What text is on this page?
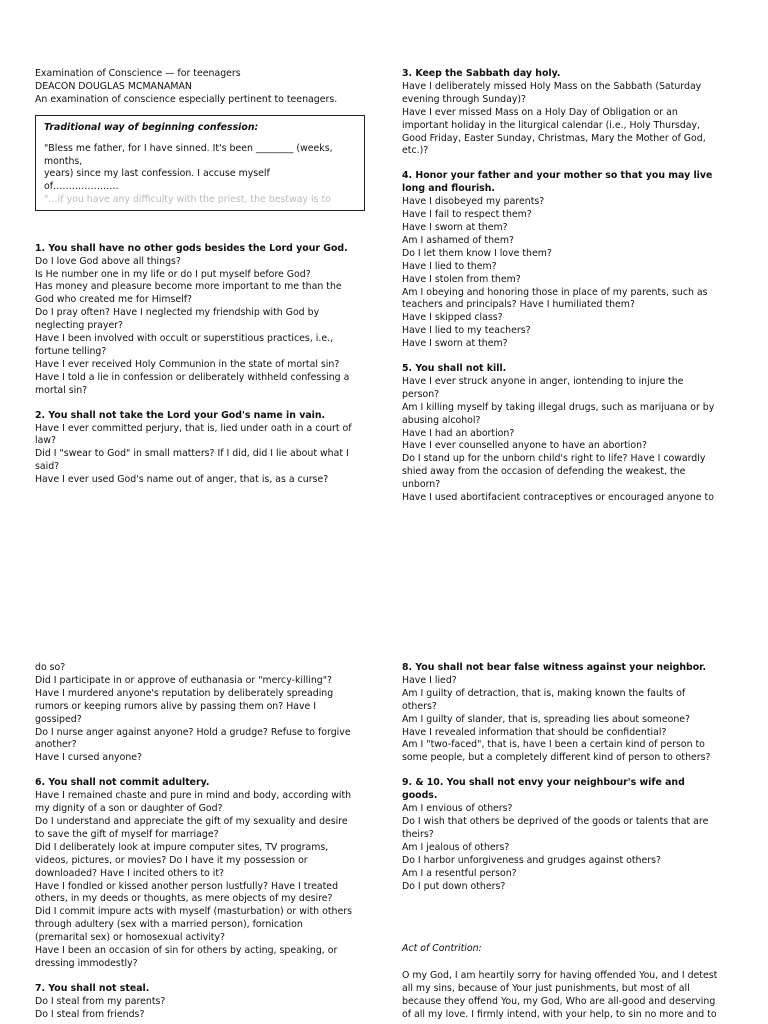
Examination of Conscience — for teenagers

DEACON DOUGLAS MCMANAMAN

An examination of conscience especially pertinent to teenagers.

Traditional way of beginning confession:

"Bless me father, for I have sinned. It's been ________ (weeks,

months,

years) since my last confession. I accuse myself

of…………………

"…if you have any difficulty with the priest, the bestway is to

1. You shall have no other gods besides the Lord your God.

Do I love God above all things?

Is He number one in my life or do I put myself before God?

Has money and pleasure become more important to me than the

God who created me for Himself?

Do I pray often? Have I neglected my friendship with God by

neglecting prayer?

Have I been involved with occult or superstitious practices, i.e.,

fortune telling?

Have I ever received Holy Communion in the state of mortal sin?

Have I told a lie in confession or deliberately withheld confessing a

mortal sin?

2. You shall not take the Lord your God's name in vain.

Have I ever committed perjury, that is, lied under oath in a court of

law?

Did I "swear to God" in small matters? If I did, did I lie about what I

said?

Have I ever used God's name out of anger, that is, as a curse?

3. Keep the Sabbath day holy.

Have I deliberately missed Holy Mass on the Sabbath (Saturday

evening through Sunday)?

Have I ever missed Mass on a Holy Day of Obligation or an

important holiday in the liturgical calendar (i.e., Holy Thursday,

Good Friday, Easter Sunday, Christmas, Mary the Mother of God,

etc.)?

4. Honor your father and your mother so that you may live

long and flourish.

Have I disobeyed my parents?

Have I fail to respect them?

Have I sworn at them?

Am I ashamed of them?

Do I let them know I love them?

Have I lied to them?

Have I stolen from them?

Am I obeying and honoring those in place of my parents, such as

teachers and principals? Have I humiliated them?

Have I skipped class?

Have I lied to my teachers?

Have I sworn at them?

5. You shall not kill.

Have I ever struck anyone in anger, iontending to injure the

person?

Am I killing myself by taking illegal drugs, such as marijuana or by

abusing alcohol?

Have I had an abortion?

Have I ever counselled anyone to have an abortion?

Do I stand up for the unborn child's right to life? Have I cowardly

shied away from the occasion of defending the weakest, the

unborn?

Have I used abortifacient contraceptives or encouraged anyone to

do so?

Did I participate in or approve of euthanasia or "mercy-killing"?

Have I murdered anyone's reputation by deliberately spreading

rumors or keeping rumors alive by passing them on? Have I

gossiped?

Do I nurse anger against anyone? Hold a grudge? Refuse to forgive

another?

Have I cursed anyone?

6. You shall not commit adultery.

Have I remained chaste and pure in mind and body, according with

my dignity of a son or daughter of God?

Do I understand and appreciate the gift of my sexuality and desire

to save the gift of myself for marriage?

Did I deliberately look at impure computer sites, TV programs,

videos, pictures, or movies? Do I have it my possession or

downloaded? Have I incited others to it?

Have I fondled or kissed another person lustfully? Have I treated

others, in my deeds or thoughts, as mere objects of my desire?

Did I commit impure acts with myself (masturbation) or with others

through adultery (sex with a married person), fornication

(premarital sex) or homosexual activity?

Have I been an occasion of sin for others by acting, speaking, or

dressing immodestly?

7. You shall not steal.

Do I steal from my parents?

Do I steal from friends?

8. You shall not bear false witness against your neighbor.

Have I lied?

Am I guilty of detraction, that is, making known the faults of

others?

Am I guilty of slander, that is, spreading lies about someone?

Have I revealed information that should be confidential?

Am I "two-faced", that is, have I been a certain kind of person to

some people, but a completely different kind of person to others?

9. & 10. You shall not envy your neighbour's wife and

goods.

Am I envious of others?

Do I wish that others be deprived of the goods or talents that are

theirs?

Am I jealous of others?

Do I harbor unforgiveness and grudges against others?

Am I a resentful person?

Do I put down others?

Act of Contrition:

O my God, I am heartily sorry for having offended You, and I detest

all my sins, because of Your just punishments, but most of all

because they offend You, my God, Who are all-good and deserving

of all my love. I firmly intend, with your help, to sin no more and to
